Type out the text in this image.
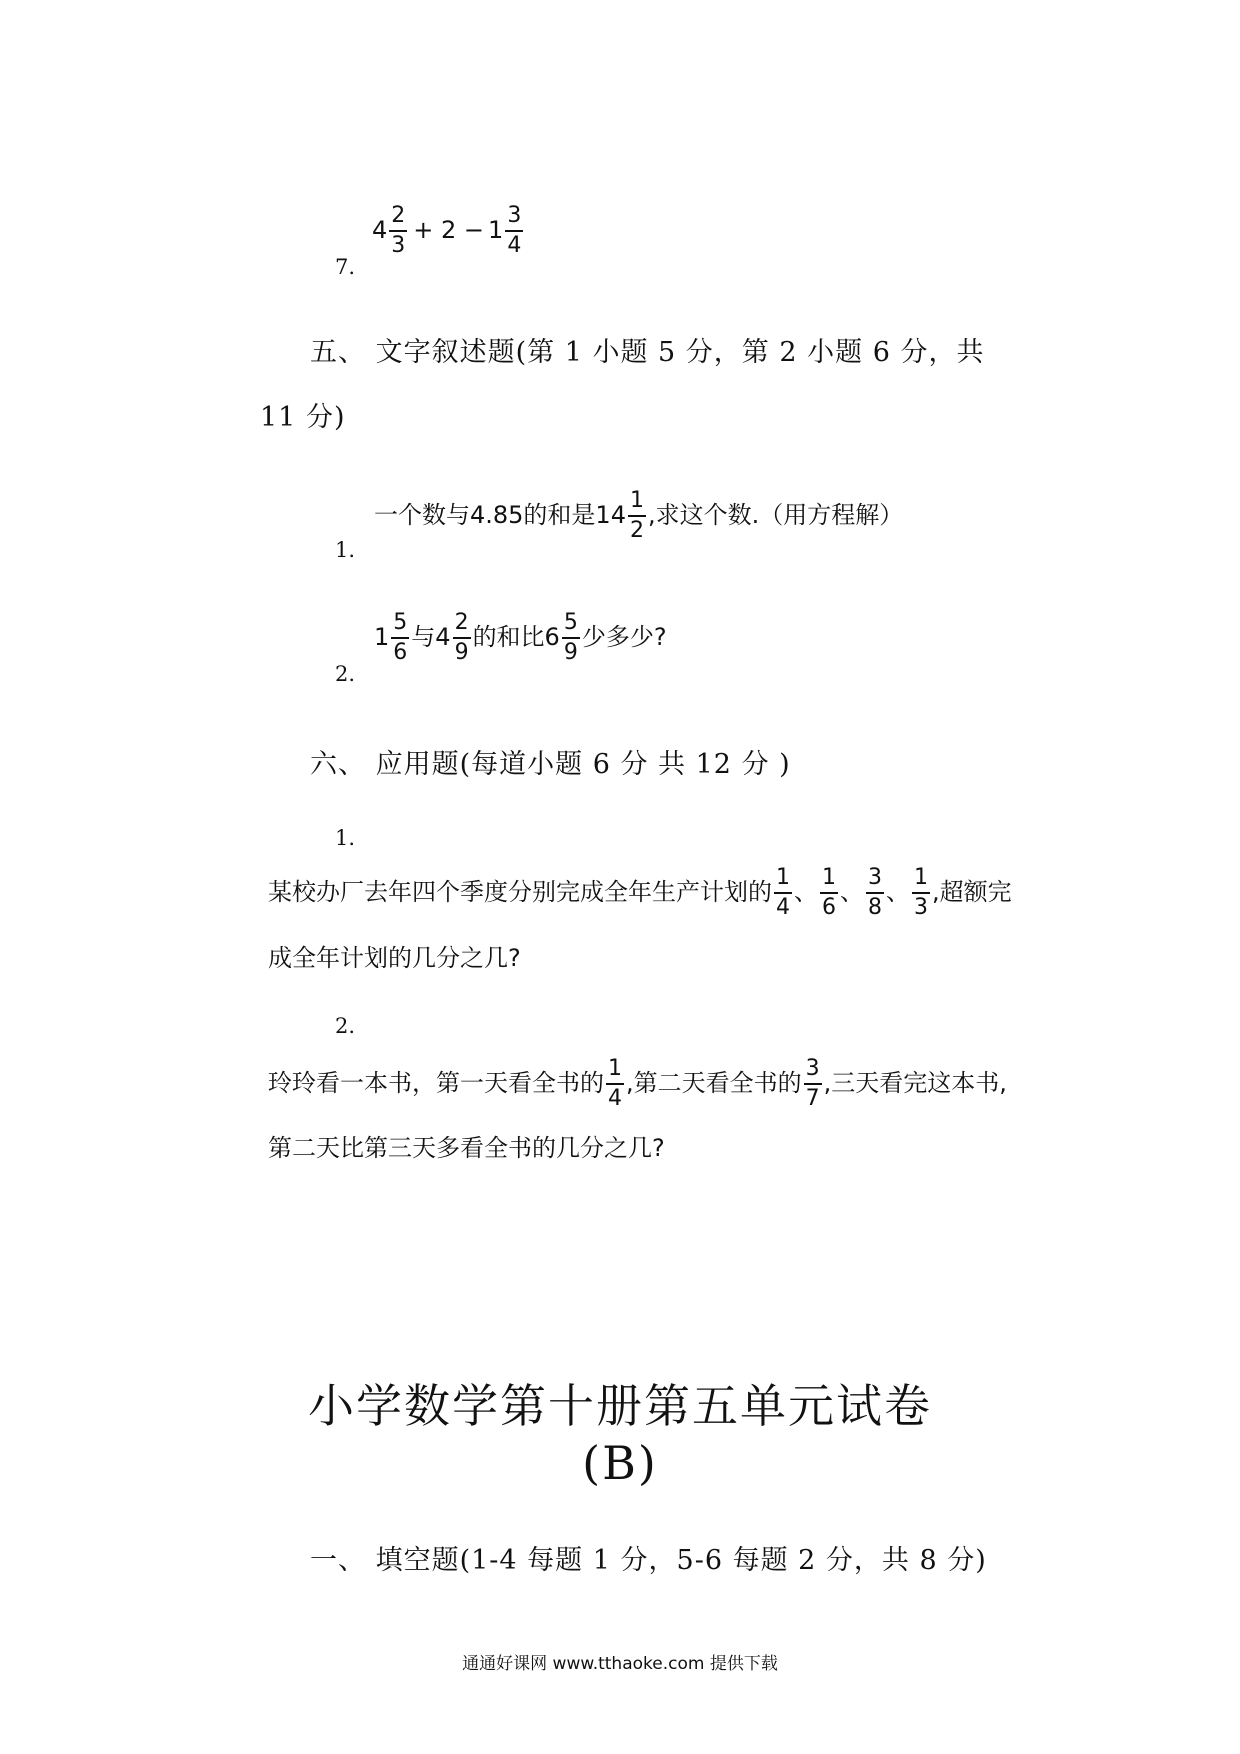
7.
$4 \frac{2}{3} + 2 - 1 \frac{3}{4}$
五、 文字叙述题(第 1 小题 5 分，第 2 小题 6 分，共
11 分)
1.
一个数与4.85的和是$14 \frac{1}{2}$ ,求这个数.（用方程解）
2.
$1 \frac{5}{6}$ 与$4 \frac{2}{9}$ 的和比$6 \frac{5}{9}$ 少多少?
六、 应用题(每道小题 6 分 共 12 分 )
1.
某校办厂去年四个季度分别完成全年生产计划的 $\frac{1}{4}$ 、 $\frac{1}{6}$ 、 $\frac{3}{8}$ 、 $\frac{1}{3}$ ,超额完
成全年计划的几分之几?
2.
玲玲看一本书，第一天看全书的 $\frac{1}{4}$ ,第二天看全书的 $\frac{3}{7}$ ,三天看完这本书,
第二天比第三天多看全书的几分之几?
小学数学第十册第五单元试卷
(B)
一、 填空题(1-4 每题 1 分，5-6 每题 2 分，共 8 分)
通通好课网 www.tthaoke.com 提供下载
